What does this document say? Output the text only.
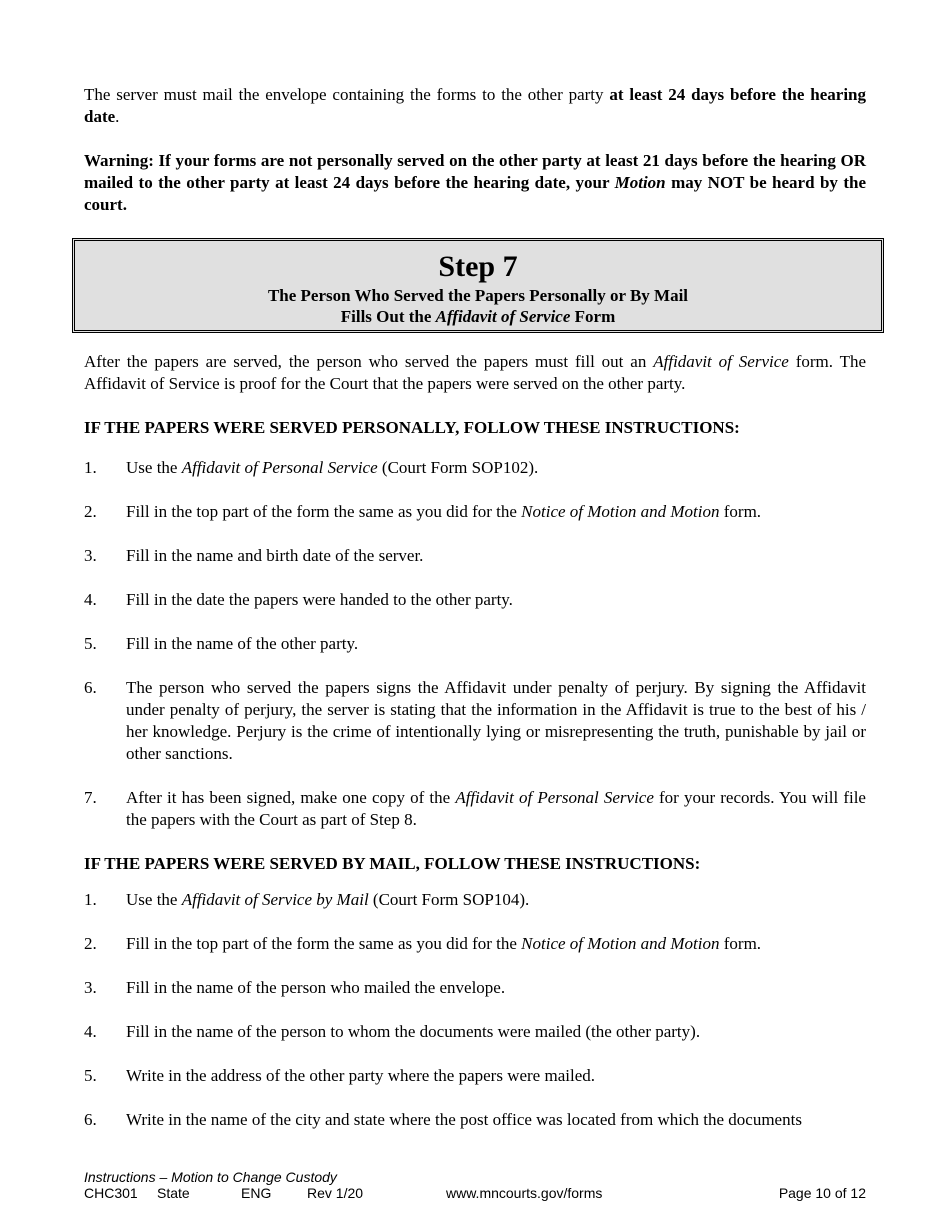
The server must mail the envelope containing the forms to the other party at least 24 days before the hearing date.

Warning: If your forms are not personally served on the other party at least 21 days before the hearing OR mailed to the other party at least 24 days before the hearing date, your Motion may NOT be heard by the court.

Step 7
The Person Who Served the Papers Personally or By Mail
Fills Out the Affidavit of Service Form

After the papers are served, the person who served the papers must fill out an Affidavit of Service form. The Affidavit of Service is proof for the Court that the papers were served on the other party.

IF THE PAPERS WERE SERVED PERSONALLY, FOLLOW THESE INSTRUCTIONS:

1. Use the Affidavit of Personal Service (Court Form SOP102).
2. Fill in the top part of the form the same as you did for the Notice of Motion and Motion form.
3. Fill in the name and birth date of the server.
4. Fill in the date the papers were handed to the other party.
5. Fill in the name of the other party.
6. The person who served the papers signs the Affidavit under penalty of perjury. By signing the Affidavit under penalty of perjury, the server is stating that the information in the Affidavit is true to the best of his / her knowledge. Perjury is the crime of intentionally lying or misrepresenting the truth, punishable by jail or other sanctions.
7. After it has been signed, make one copy of the Affidavit of Personal Service for your records. You will file the papers with the Court as part of Step 8.

IF THE PAPERS WERE SERVED BY MAIL, FOLLOW THESE INSTRUCTIONS:

1. Use the Affidavit of Service by Mail (Court Form SOP104).
2. Fill in the top part of the form the same as you did for the Notice of Motion and Motion form.
3. Fill in the name of the person who mailed the envelope.
4. Fill in the name of the person to whom the documents were mailed (the other party).
5. Write in the address of the other party where the papers were mailed.
6. Write in the name of the city and state where the post office was located from which the documents
Instructions – Motion to Change Custody
CHC301 State	ENG	Rev 1/20	www.mncourts.gov/forms	Page 10 of 12
